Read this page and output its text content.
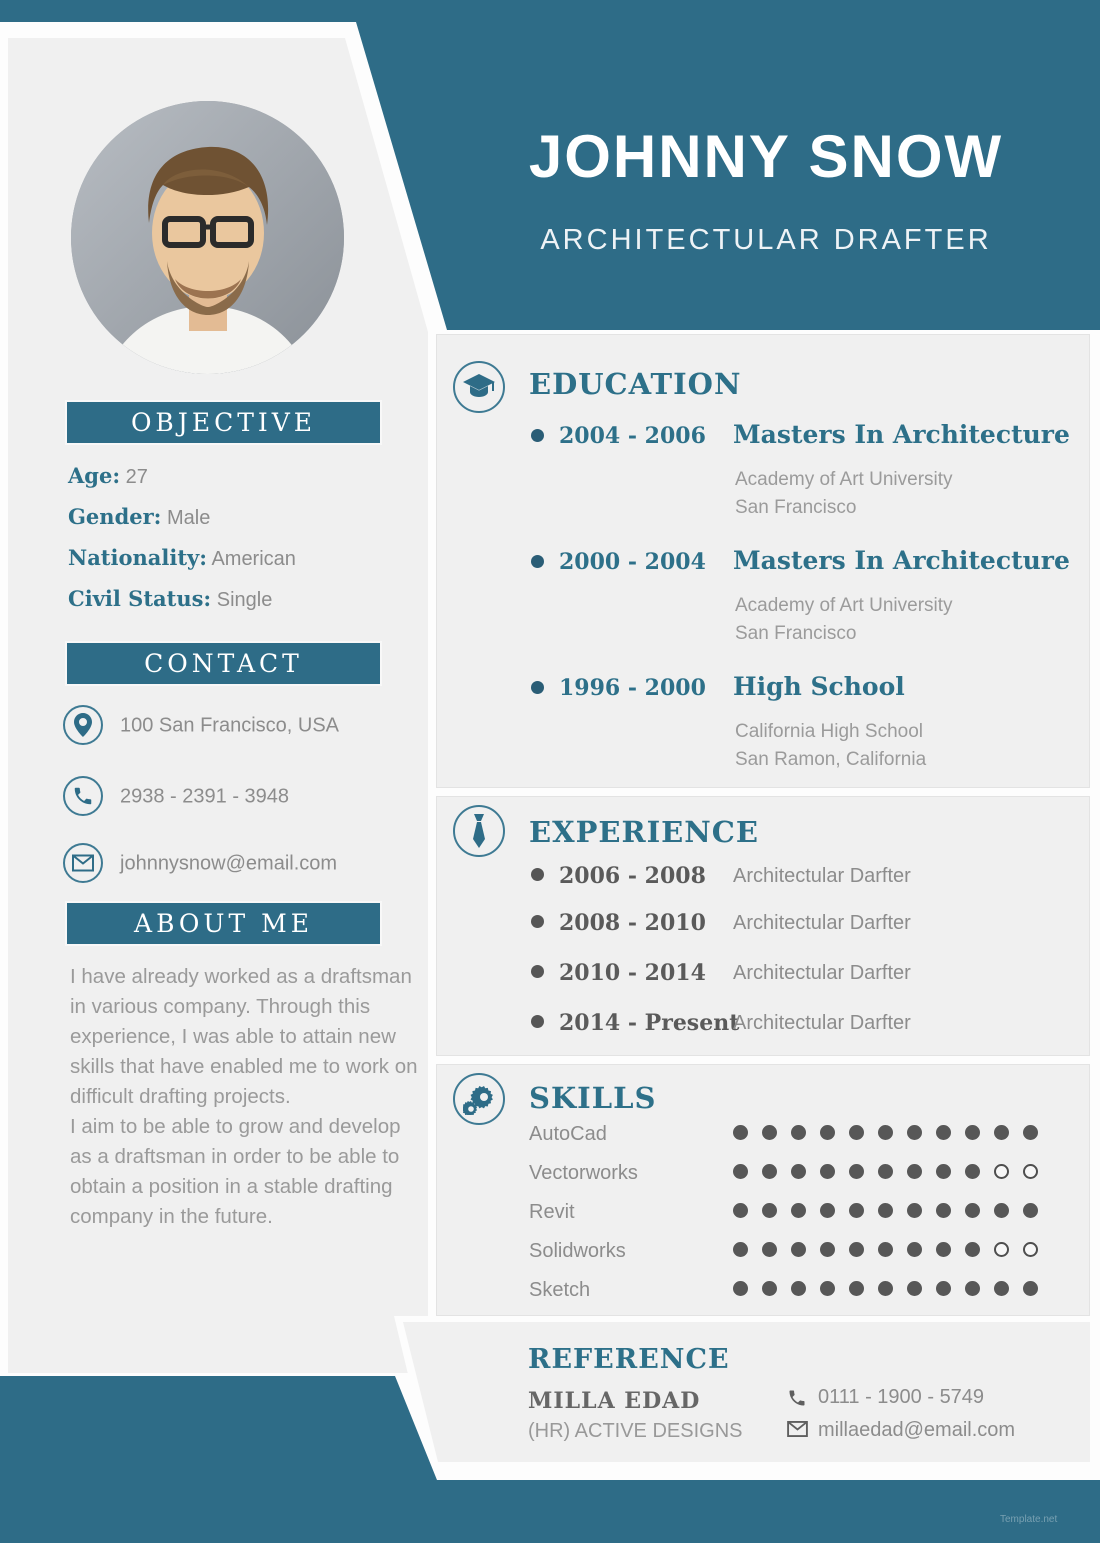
JOHNNY SNOW
ARCHITECTULAR DRAFTER
OBJECTIVE
Age: 27
Gender: Male
Nationality: American
Civil Status: Single
CONTACT
100 San Francisco, USA
2938 - 2391 - 3948
johnnysnow@email.com
ABOUT ME
I have already worked as a draftsman in various company. Through this experience, I was able to attain new skills that have enabled me to work on difficult drafting projects.
I aim to be able to grow and develop as a draftsman in order to be able to obtain a position in a stable drafting company in the future.
EDUCATION
2004 - 2006 Masters In Architecture
Academy of Art University
San Francisco
2000 - 2004 Masters In Architecture
Academy of Art University
San Francisco
1996 - 2000 High School
California High School
San Ramon, California
EXPERIENCE
2006 - 2008 Architectular Darfter
2008 - 2010 Architectular Darfter
2010 - 2014 Architectular Darfter
2014 - Present
Architectular Darfter
SKILLS
AutoCad
Vectorworks
Revit
Solidworks
Sketch
REFERENCE
MILLA EDAD
(HR) ACTIVE DESIGNS
0111 - 1900 - 5749
millaedad@email.com
Template.net
